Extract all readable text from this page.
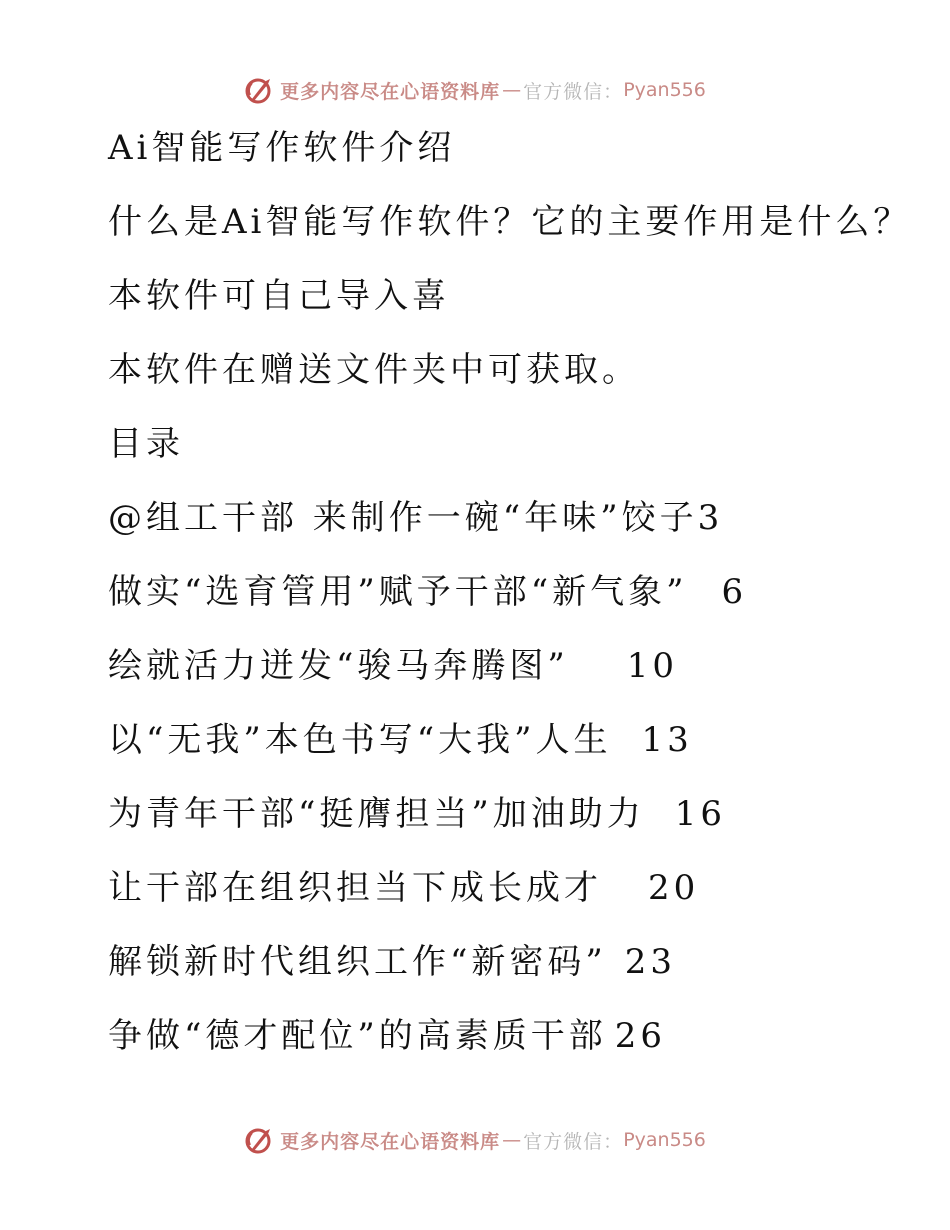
更多内容尽在心语资料库 — 官方微信： Pyan556
Ai智能写作软件介绍
什么是Ai智能写作软件？它的主要作用是什么？
本软件可自己导入喜
本软件在赠送文件夹中可获取。
目录
@组工干部 来制作一碗“年味”饺子3
做实“选育管用”赋予干部“新气象” 6
绘就活力迸发“骏马奔腾图” 10
以“无我”本色书写“大我”人生 13
为青年干部“挺膺担当”加油助力 16
让干部在组织担当下成长成才 20
解锁新时代组织工作“新密码” 23
争做“德才配位”的高素质干部 26
更多内容尽在心语资料库 — 官方微信： Pyan556
